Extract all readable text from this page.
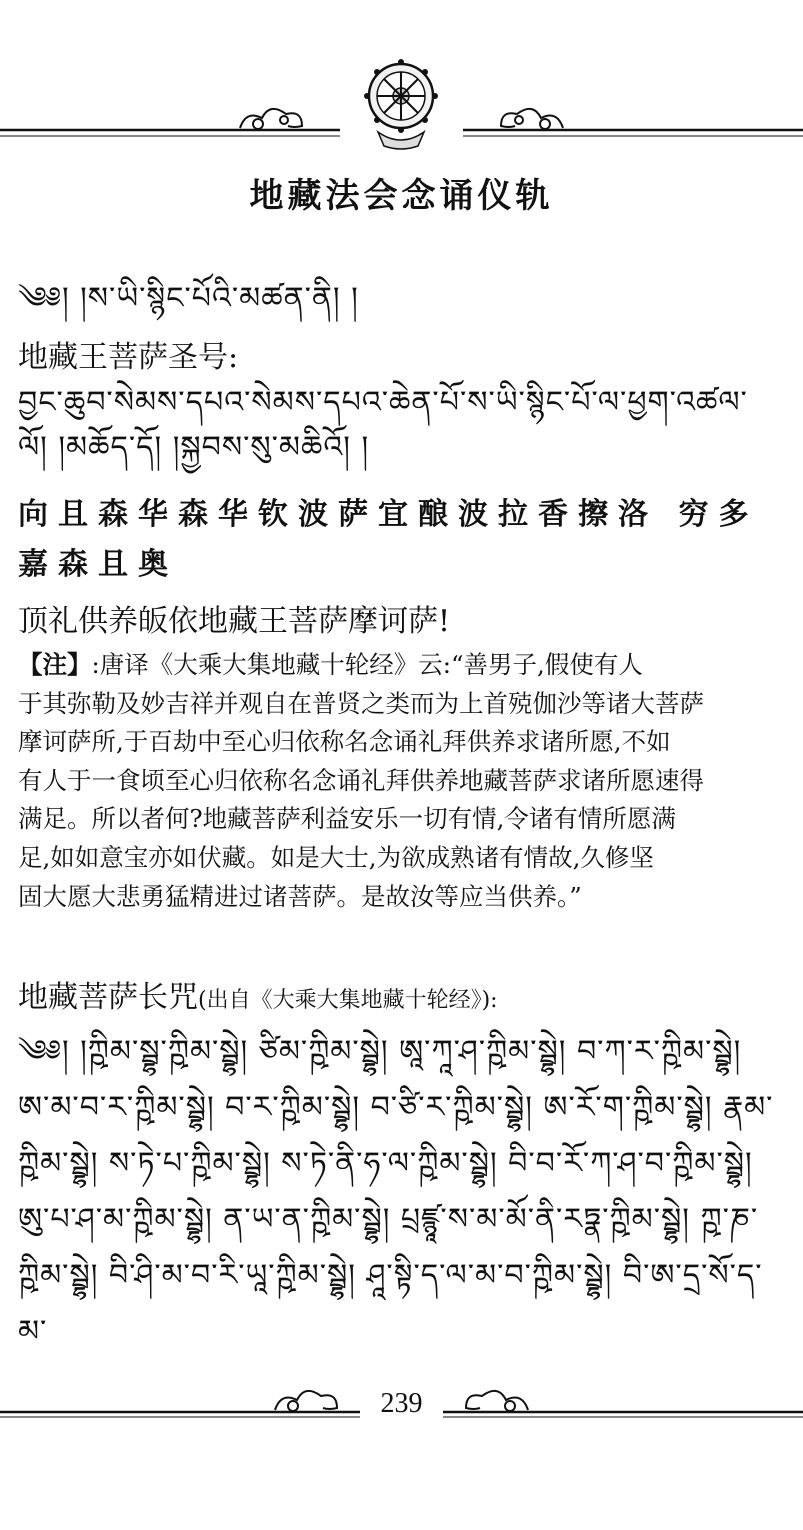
地藏法会念诵仪轨
༄༅། །ས་ཡི་སྙིང་པོའི་མཚན་ནི། །
地藏王菩萨圣号:
བྱང་ཆུབ་སེམས་དཔའ་སེམས་དཔའ་ཆེན་པོ་ས་ཡི་སྙིང་པོ་ལ་ཕྱག་འཚལ་
ལོ། །མཆོད་དོ། །སྐྱབས་སུ་མཆིའོ། །
向且森华森华钦波萨宜酿波拉香擦洛 穷多
嘉森且奥
顶礼供养皈依地藏王菩萨摩诃萨!
【注】:唐译《大乘大集地藏十轮经》云:“善男子,假使有人
于其弥勒及妙吉祥并观自在普贤之类而为上首殑伽沙等诸大菩萨
摩诃萨所,于百劫中至心归依称名念诵礼拜供养求诸所愿,不如
有人于一食顷至心归依称名念诵礼拜供养地藏菩萨求诸所愿速得
满足。所以者何?地藏菩萨利益安乐一切有情,令诸有情所愿满
足,如如意宝亦如伏藏。如是大士,为欲成熟诸有情故,久修坚
固大愿大悲勇猛精进过诸菩萨。是故汝等应当供养。”
地藏菩萨长咒(出自《大乘大集地藏十轮经》):
༄༅། །ཀྵིམ་སྦྷ་ཀྵིམ་སྦྷེ། ཙིམ་ཀྵིམ་སྦྷེ། ཨཱ་ཀཱ་ཤ་ཀྵིམ་སྦྷེ། བ་ཀ་ར་ཀྵིམ་སྦྷེ།
ཨ་མ་བ་ར་ཀྵིམ་སྦྷེ། བ་ར་ཀྵིམ་སྦྷེ། བ་ཙི་ར་ཀྵིམ་སྦྷེ། ཨ་རོ་ག་ཀྵིམ་སྦྷེ། རྣམ་
ཀྵིམ་སྦྷེ། ས་ཏེ་པ་ཀྵིམ་སྦྷེ། ས་ཏེ་ནི་ཧ་ལ་ཀྵིམ་སྦྷེ། བི་བ་རོ་ཀ་ཤ་བ་ཀྵིམ་སྦྷེ།
ཨུ་པ་ཤ་མ་ཀྵིམ་སྦྷེ། ན་ཡ་ན་ཀྵིམ་སྦྷེ། པྲཛྙཱ་ས་མ་མོ་ནི་རཏྣ་ཀྵིམ་སྦྷེ། ཀྵ་ཎ་
ཀྵིམ་སྦྷེ། བི་ཤི་མ་བ་རི་ཡཱ་ཀྵིམ་སྦྷེ། ཤཱ་སྟི་ད་ལ་མ་བ་ཀྵིམ་སྦྷེ། བི་ཨ་དྲ་སོ་ད་མ་
239
